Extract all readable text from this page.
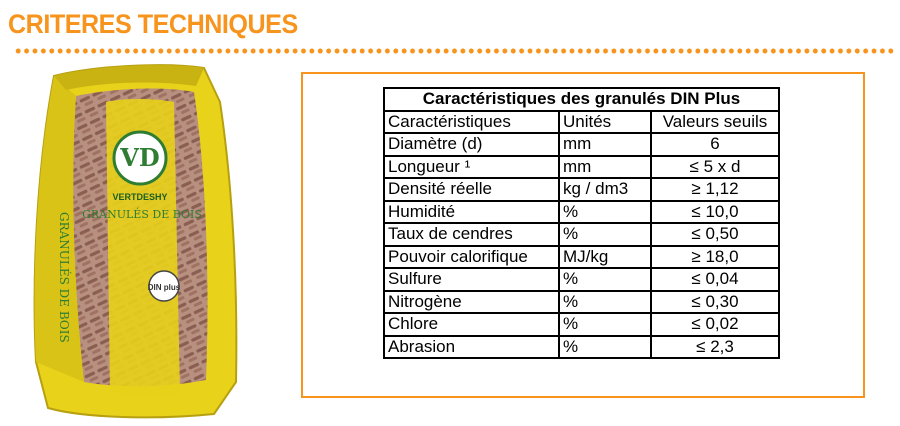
CRITERES TECHNIQUES
VD
VERTDESHY
GRANULÉS DE BOIS
DIN plus
GRANULÉS DE BOIS
Caractéristiques des granulés DIN Plus		
Caractéristiques	Unités	Valeurs seuils
Diamètre (d)	mm	6
Longueur ¹	mm	≤ 5 x d
Densité réelle	kg / dm3	≥ 1,12
Humidité	%	≤ 10,0
Taux de cendres	%	≤ 0,50
Pouvoir calorifique	MJ/kg	≥ 18,0
Sulfure	%	≤ 0,04
Nitrogène	%	≤ 0,30
Chlore	%	≤ 0,02
Abrasion	%	≤ 2,3
